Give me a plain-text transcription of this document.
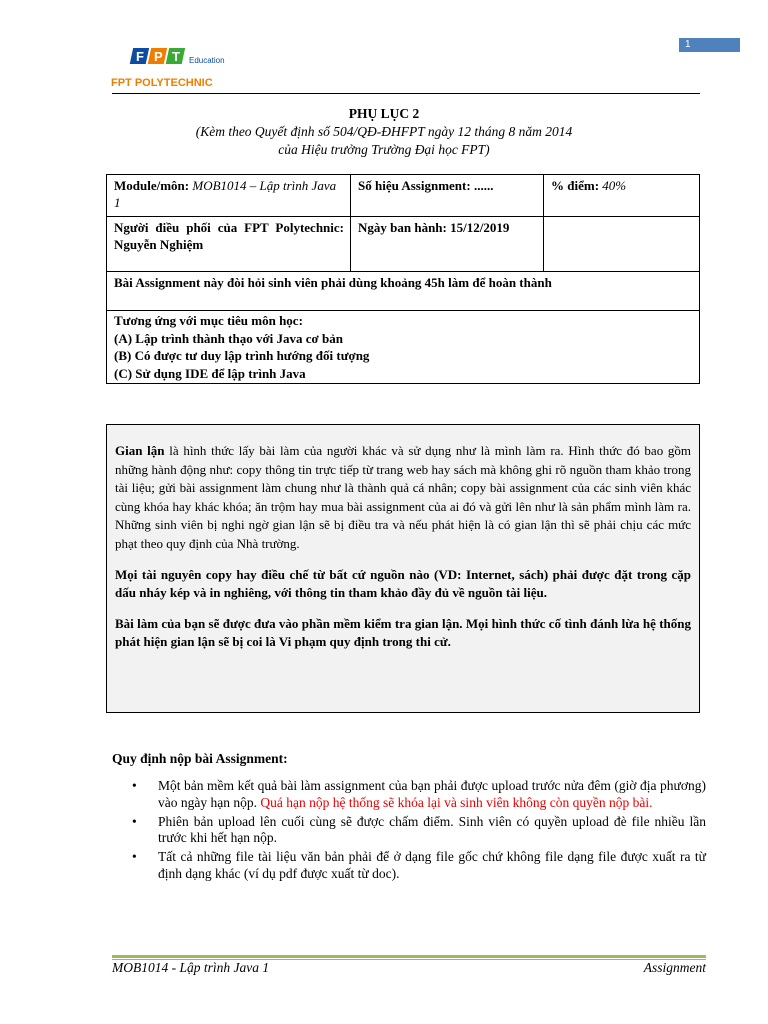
F P T Education
FPT POLYTECHNIC
1
PHỤ LỤC 2
(Kèm theo Quyết định số 504/QĐ-ĐHFPT ngày 12 tháng 8 năm 2014
của Hiệu trưởng Trường Đại học FPT)
Module/môn: MOB1014 – Lập trình Java 1	Số hiệu Assignment: ......	% điểm: 40%

Người điều phối của FPT Polytechnic: Nguyễn Nghiệm	Ngày ban hành: 15/12/2019	
Bài Assignment này đòi hỏi sinh viên phải dùng khoảng 45h làm để hoàn thành		

Tương ứng với mục tiêu môn học:
(A) Lập trình thành thạo với Java cơ bản
(B) Có được tư duy lập trình hướng đối tượng
(C) Sử dụng IDE để lập trình Java		

Gian lận là hình thức lấy bài làm của người khác và sử dụng như là mình làm ra. Hình thức đó bao gồm những hành động như: copy thông tin trực tiếp từ trang web hay sách mà không ghi rõ nguồn tham khảo trong tài liệu; gửi bài assignment làm chung như là thành quả cá nhân; copy bài assignment của các sinh viên khác cùng khóa hay khác khóa; ăn trộm hay mua bài assignment của ai đó và gửi lên như là sản phẩm mình làm ra. Những sinh viên bị nghi ngờ gian lận sẽ bị điều tra và nếu phát hiện là có gian lận thì sẽ phải chịu các mức phạt theo quy định của Nhà trường.

Mọi tài nguyên copy hay điều chế từ bất cứ nguồn nào (VD: Internet, sách) phải được đặt trong cặp dấu nháy kép và in nghiêng, với thông tin tham khảo đầy đủ về nguồn tài liệu.

Bài làm của bạn sẽ được đưa vào phần mềm kiểm tra gian lận. Mọi hình thức cố tình đánh lừa hệ thống phát hiện gian lận sẽ bị coi là Vi phạm quy định trong thi cử.

Quy định nộp bài Assignment:
• Một bản mềm kết quả bài làm assignment của bạn phải được upload trước nửa đêm (giờ địa phương) vào ngày hạn nộp. Quá hạn nộp hệ thống sẽ khóa lại và sinh viên không còn quyền nộp bài.
• Phiên bản upload lên cuối cùng sẽ được chấm điểm. Sinh viên có quyền upload đè file nhiều lần trước khi hết hạn nộp.
• Tất cả những file tài liệu văn bản phải để ở dạng file gốc chứ không file dạng file được xuất ra từ định dạng khác (ví dụ pdf được xuất từ doc).
MOB1014 - Lập trình Java 1	Assignment
